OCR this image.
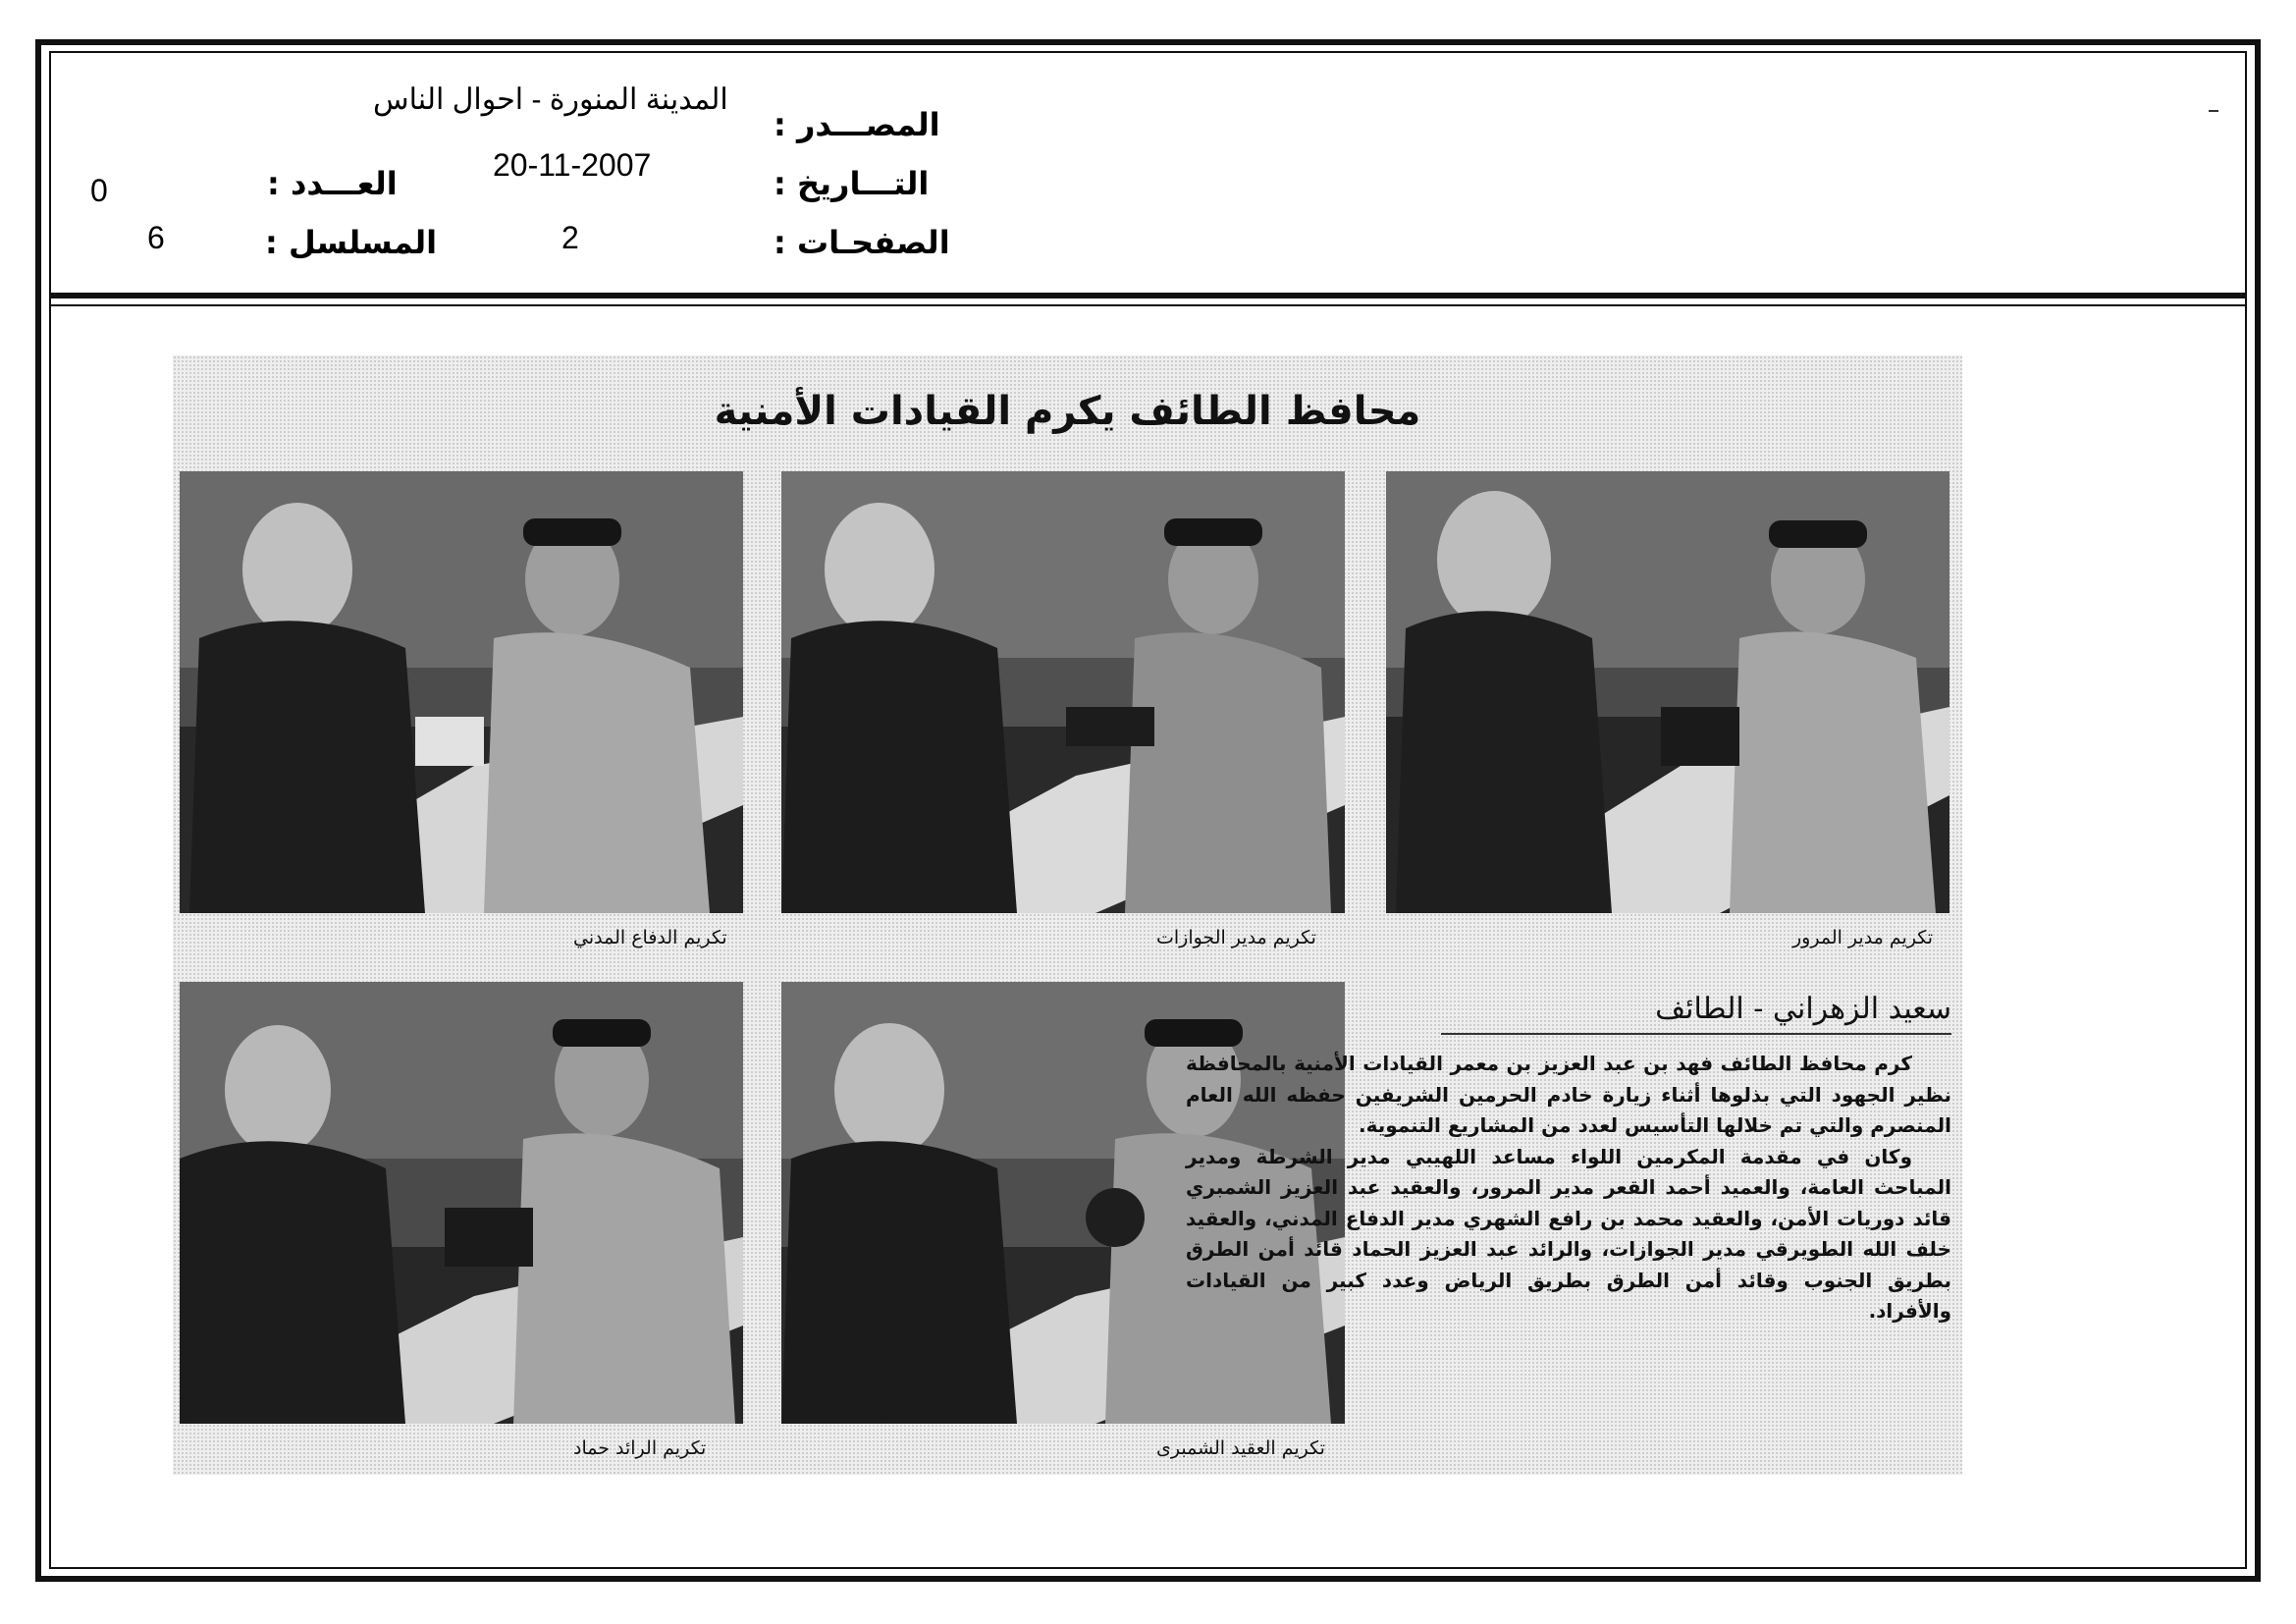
المدينة المنورة - احوال الناس
المصـــدر :
20-11-2007	التـــاريخ :
2	الصفحـات :
0	العـــدد :
6	المسلسل :
محافظ الطائف يكرم القيادات الأمنية
تكريم مدير المرور
تكريم مدير الجوازات
تكريم الدفاع المدني
تكريم العقيد الشمبرى
تكريم الرائد حماد
سعيد الزهراني - الطائف

كرم محافظ الطائف فهد بن عبد العزيز بن معمر القيادات الأمنية بالمحافظة نظير الجهود التي بذلوها أثناء زيارة خادم الحرمين الشريفين حفظه الله العام المنصرم والتي تم خلالها التأسيس لعدد من المشاريع التنموية.

وكان في مقدمة المكرمين اللواء مساعد اللهيبي مدير الشرطة ومدير المباحث العامة، والعميد أحمد القعر مدير المرور، والعقيد عبد العزيز الشمبري قائد دوريات الأمن، والعقيد محمد بن رافع الشهري مدير الدفاع المدني، والعقيد خلف الله الطويرقي مدير الجوازات، والرائد عبد العزيز الحماد قائد أمن الطرق بطريق الجنوب وقائد أمن الطرق بطريق الرياض وعدد كبير من القيادات والأفراد.
